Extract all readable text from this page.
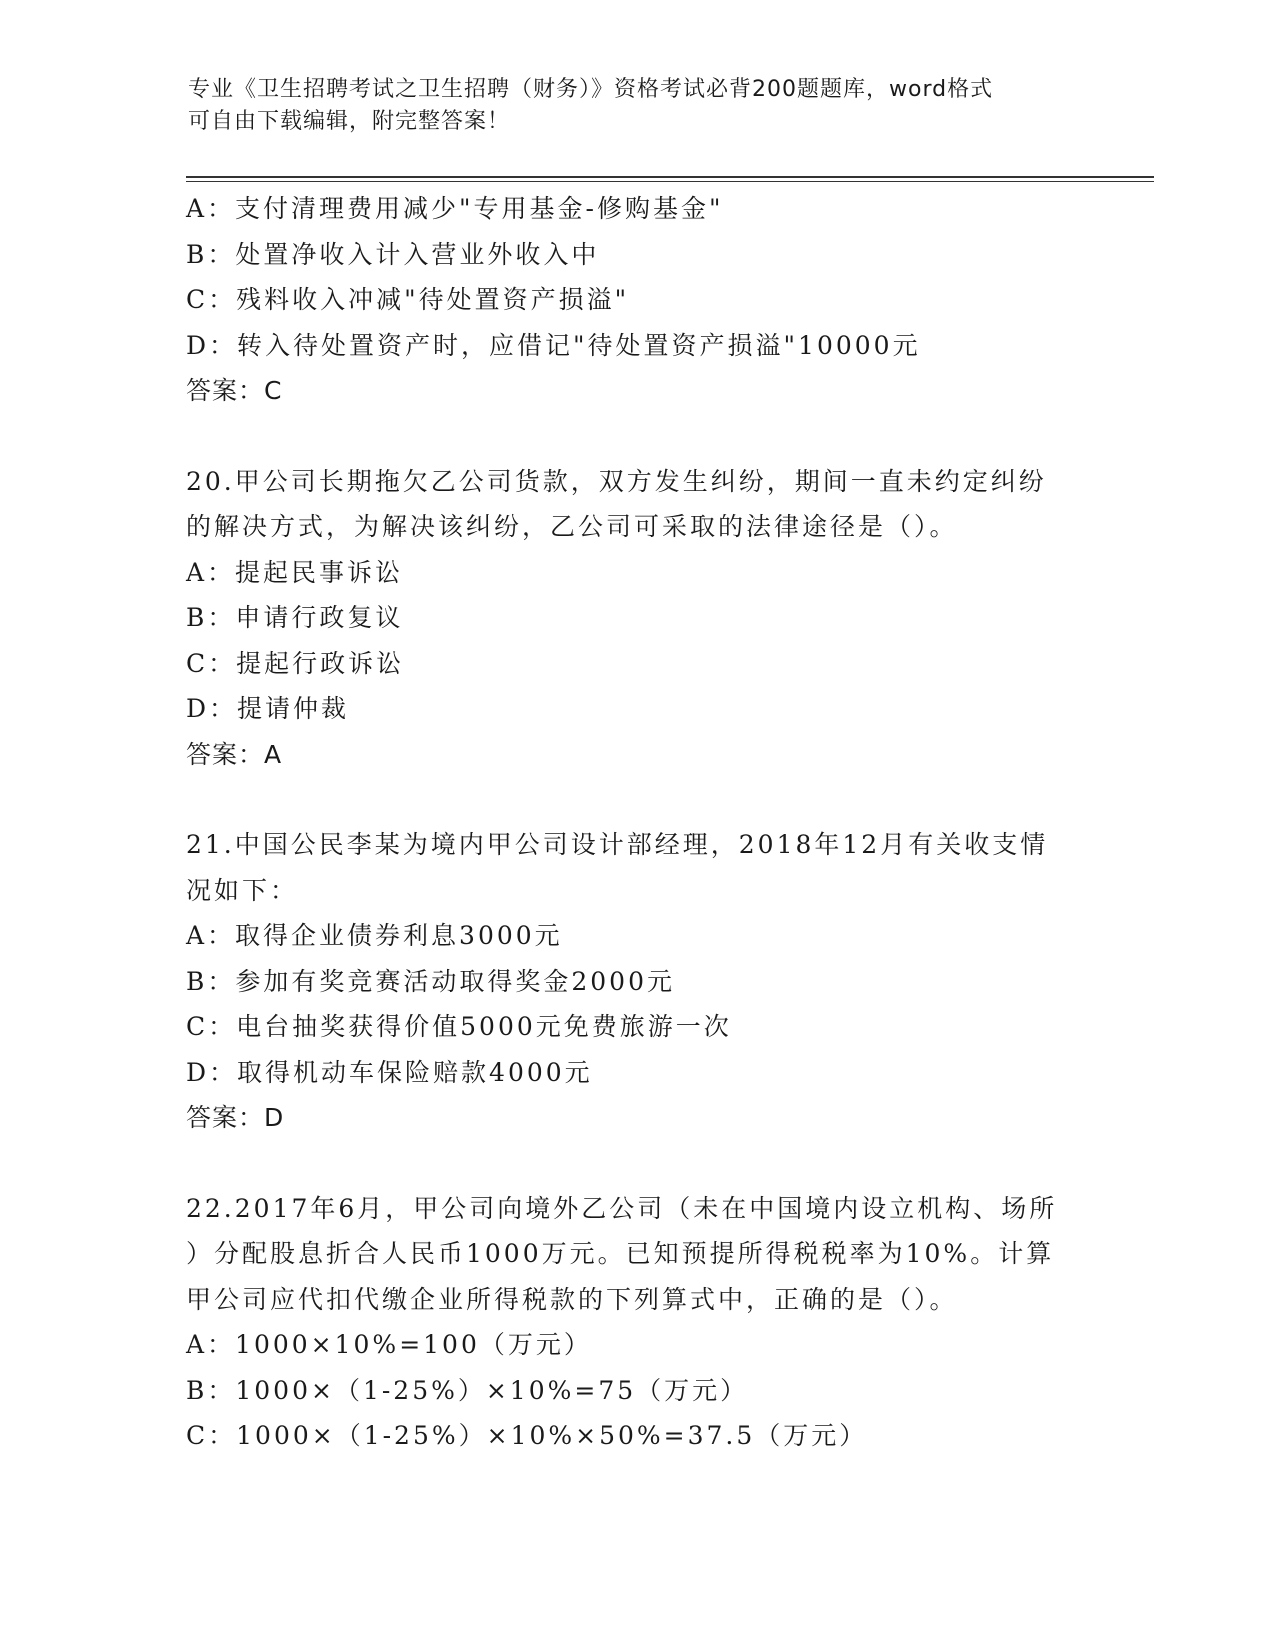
专业《卫生招聘考试之卫生招聘（财务）》资格考试必背200题题库，word格式
可自由下载编辑，附完整答案！
A：支付清理费用减少"专用基金-修购基金"
B：处置净收入计入营业外收入中
C：残料收入冲减"待处置资产损溢"
D：转入待处置资产时，应借记"待处置资产损溢"10000元
答案：C
20.甲公司长期拖欠乙公司货款，双方发生纠纷，期间一直未约定纠纷
的解决方式，为解决该纠纷，乙公司可采取的法律途径是（）。
A：提起民事诉讼
B：申请行政复议
C：提起行政诉讼
D：提请仲裁
答案：A
21.中国公民李某为境内甲公司设计部经理，2018年12月有关收支情
况如下：
A：取得企业债券利息3000元
B：参加有奖竞赛活动取得奖金2000元
C：电台抽奖获得价值5000元免费旅游一次
D：取得机动车保险赔款4000元
答案：D
22.2017年6月，甲公司向境外乙公司（未在中国境内设立机构、场所
）分配股息折合人民币1000万元。已知预提所得税税率为10%。计算
甲公司应代扣代缴企业所得税款的下列算式中，正确的是（）。
A：1000×10%=100（万元）
B：1000×（1-25%）×10%=75（万元）
C：1000×（1-25%）×10%×50%=37.5（万元）
